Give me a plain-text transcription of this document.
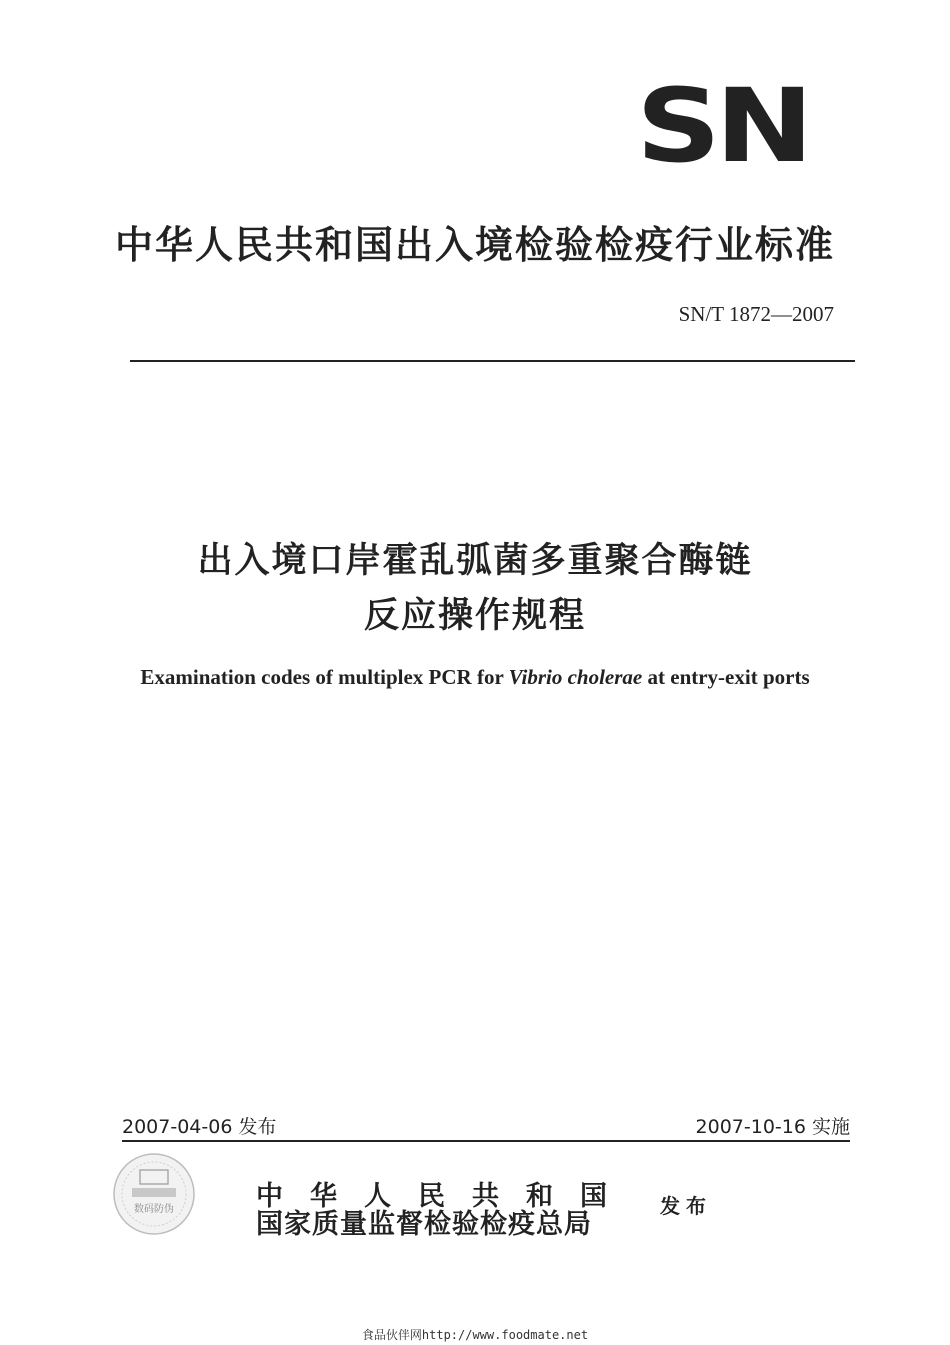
SN
中华人民共和国出入境检验检疫行业标准
SN/T 1872—2007
出入境口岸霍乱弧菌多重聚合酶链
反应操作规程
Examination codes of multiplex PCR for Vibrio cholerae at entry-exit ports
2007-04-06 发布	2007-10-16 实施
数码防伪	中华人民共和国
国家质量监督检验检疫总局
发布
食品伙伴网http://www.foodmate.net
